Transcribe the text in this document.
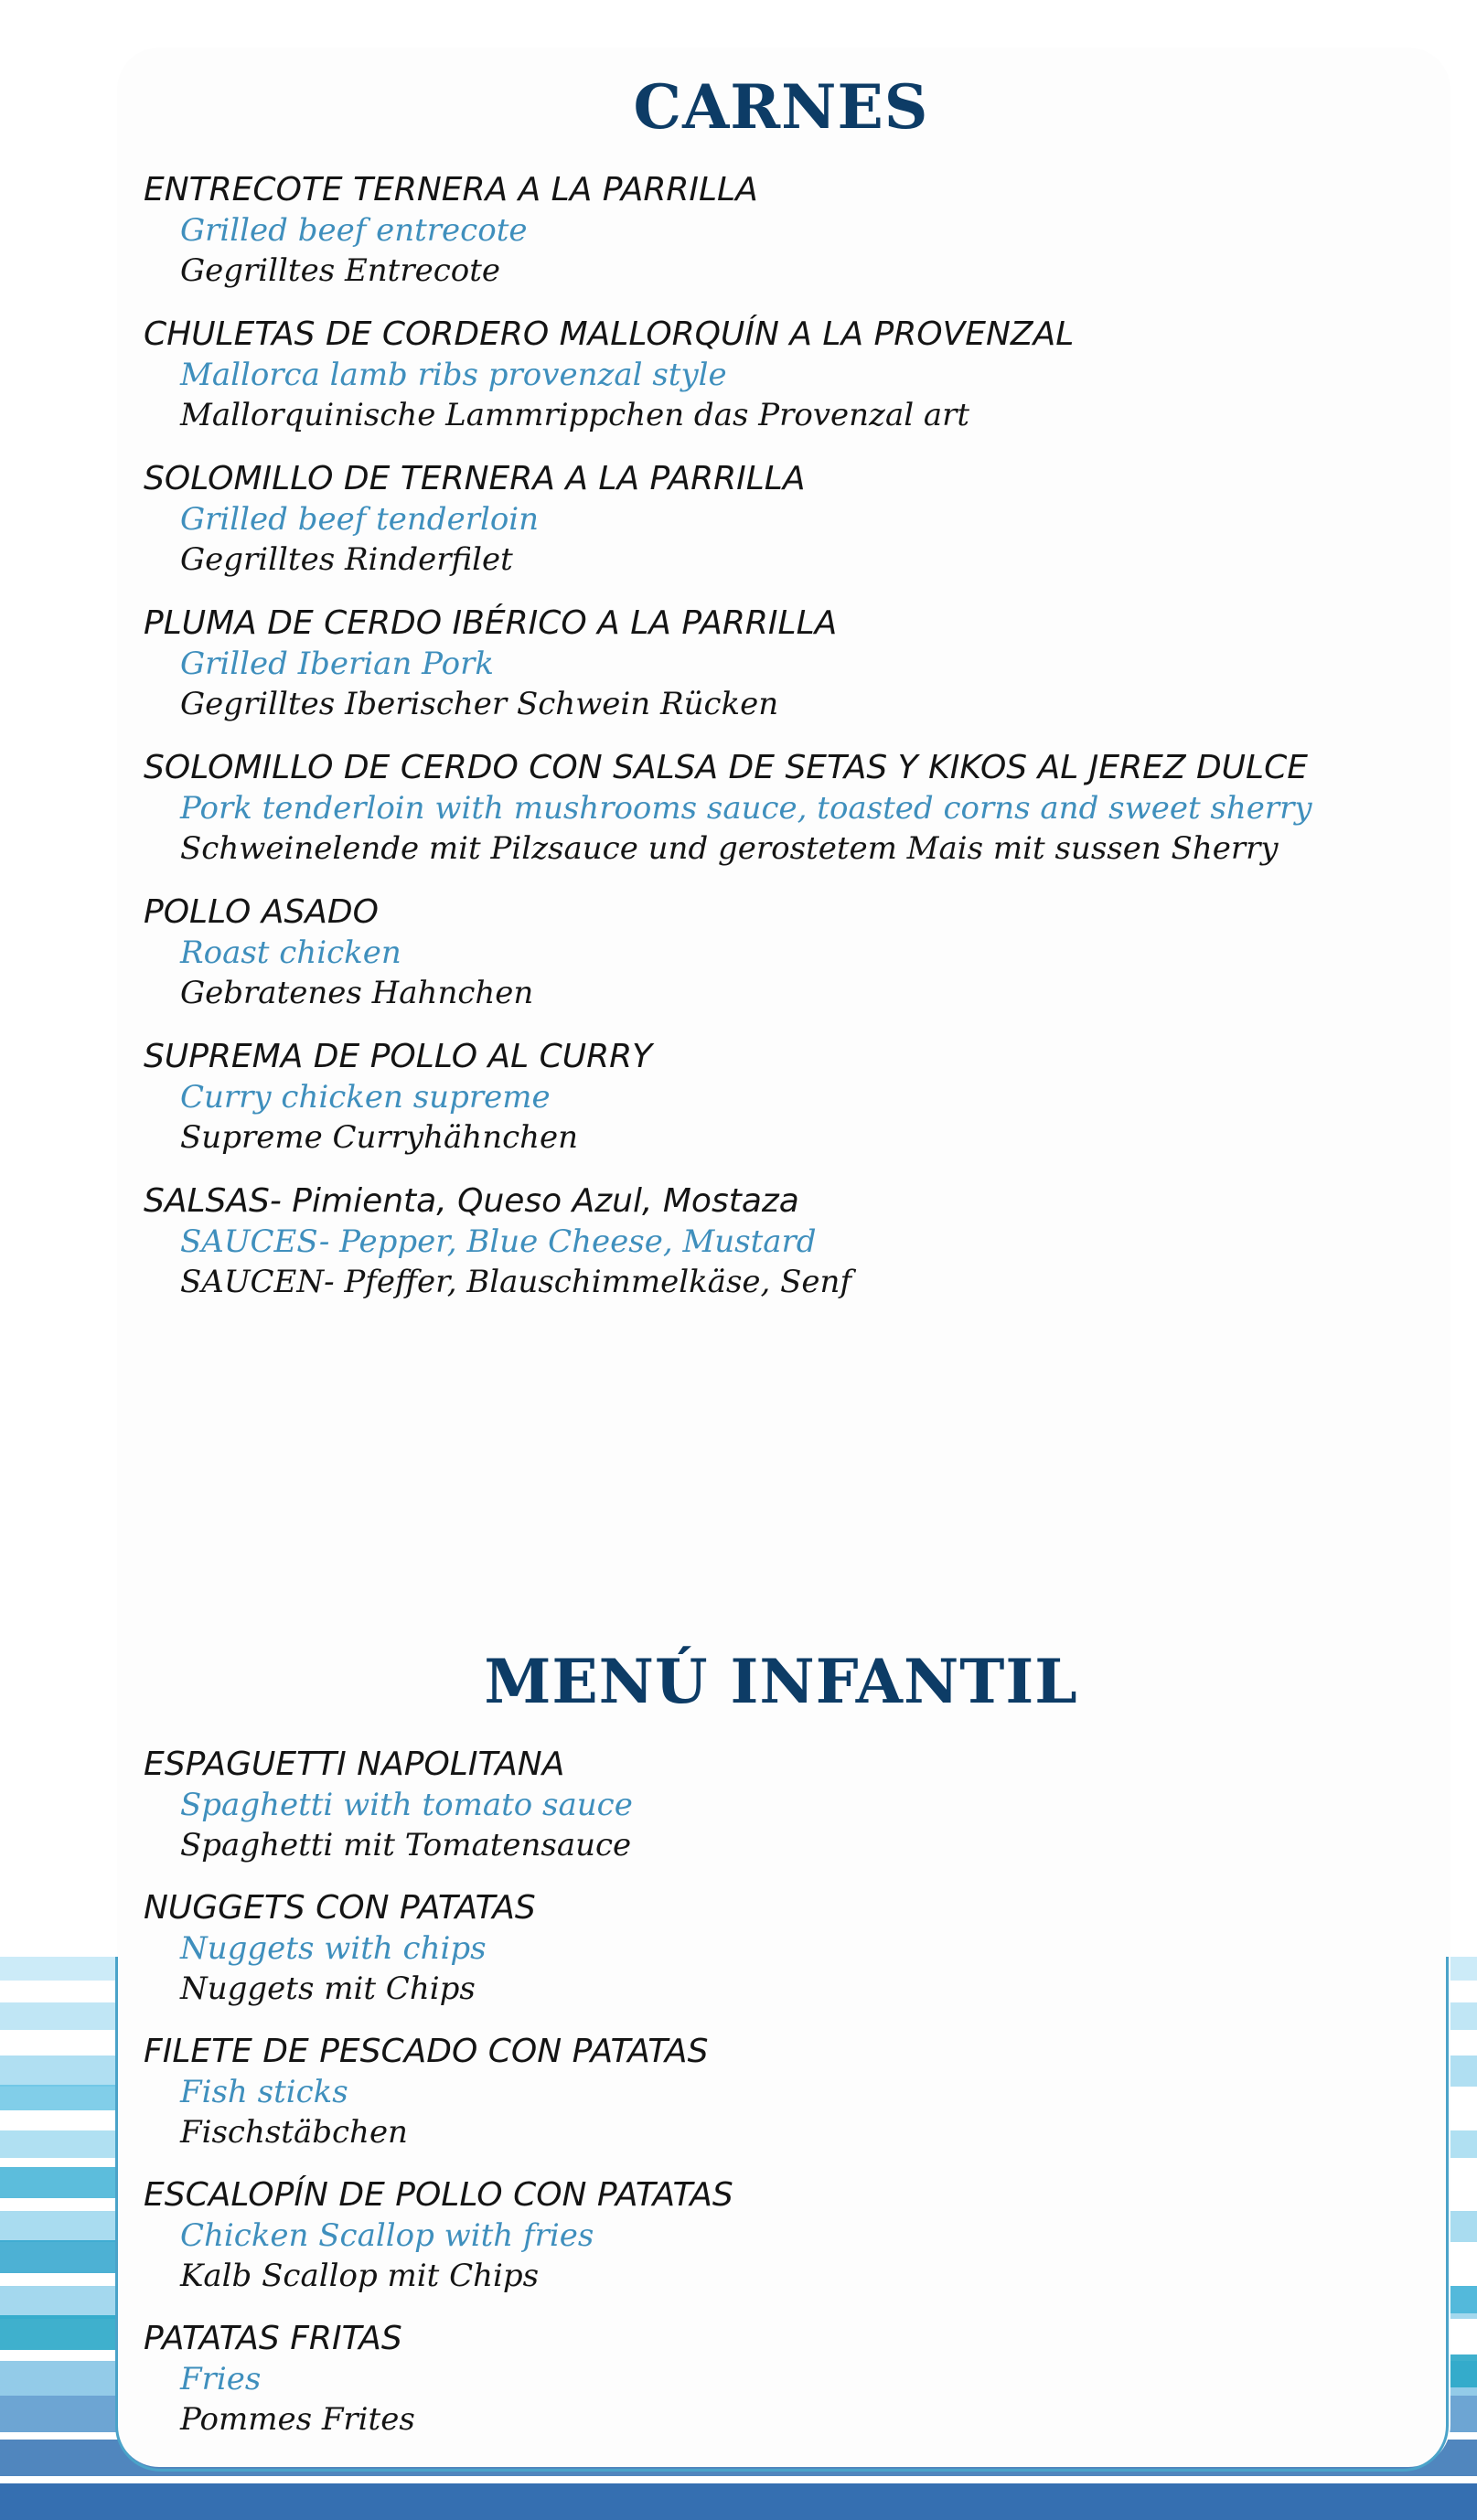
CARNES
ENTRECOTE TERNERA A LA PARRILLA
Grilled beef entrecote
Gegrilltes Entrecote
CHULETAS DE CORDERO MALLORQUÍN A LA PROVENZAL
Mallorca lamb ribs provenzal style
Mallorquinische Lammrippchen das Provenzal art
SOLOMILLO DE TERNERA A LA PARRILLA
Grilled beef tenderloin
Gegrilltes Rinderfilet
PLUMA DE CERDO IBÉRICO A LA PARRILLA
Grilled Iberian Pork
Gegrilltes Iberischer Schwein Rücken
SOLOMILLO DE CERDO CON SALSA DE SETAS Y KIKOS AL JEREZ DULCE
Pork tenderloin with mushrooms sauce, toasted corns and sweet sherry
Schweinelende mit Pilzsauce und gerostetem Mais mit sussen Sherry
POLLO ASADO
Roast chicken
Gebratenes Hahnchen
SUPREMA DE POLLO AL CURRY
Curry chicken supreme
Supreme Curryhähnchen
SALSAS- Pimienta, Queso Azul, Mostaza
SAUCES- Pepper, Blue Cheese, Mustard
SAUCEN- Pfeffer, Blauschimmelkäse, Senf
MENÚ INFANTIL
ESPAGUETTI NAPOLITANA
Spaghetti with tomato sauce
Spaghetti mit Tomatensauce
NUGGETS CON PATATAS
Nuggets with chips
Nuggets mit Chips
FILETE DE PESCADO CON PATATAS
Fish sticks
Fischstäbchen
ESCALOPÍN DE POLLO CON PATATAS
Chicken Scallop with fries
Kalb Scallop mit Chips
PATATAS FRITAS
Fries
Pommes Frites
